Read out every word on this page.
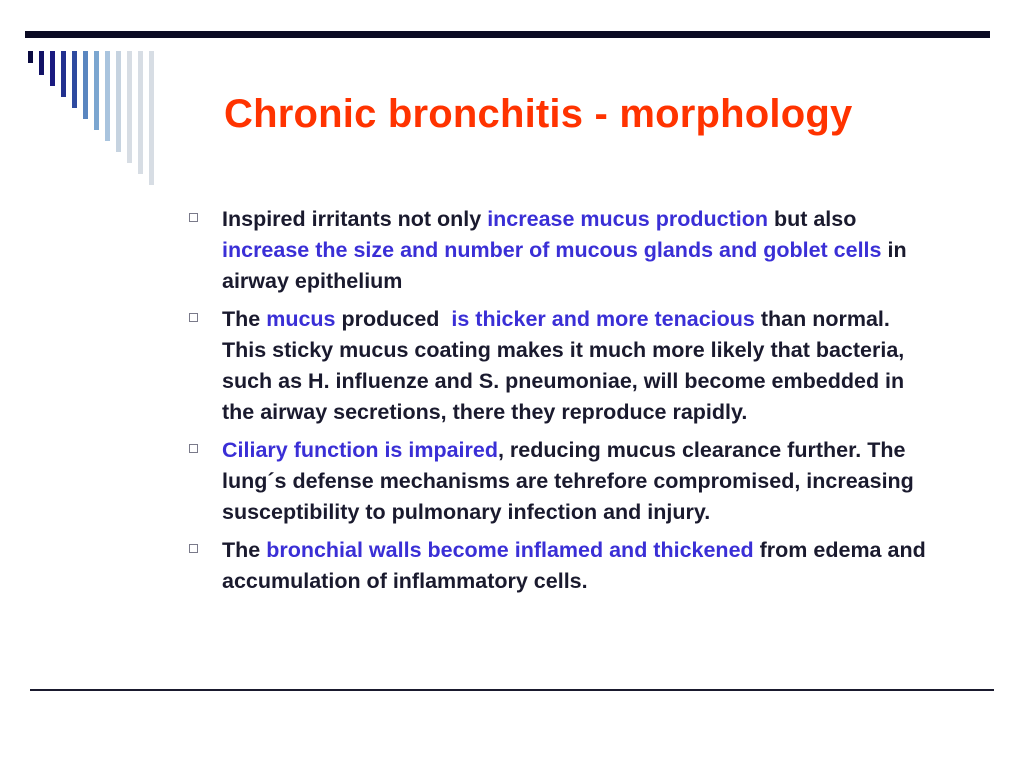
Chronic bronchitis - morphology
Inspired irritants not only increase mucus production but also increase the size and number of mucous glands and goblet cells in airway epithelium
The mucus produced  is thicker and more tenacious than normal. This sticky mucus coating makes it much more likely that bacteria, such as H. influenze and S. pneumoniae, will become embedded in the airway secretions, there they reproduce rapidly.
Ciliary function is impaired, reducing mucus clearance further. The lung´s defense mechanisms are tehrefore compromised, increasing susceptibility to pulmonary infection and injury.
The bronchial walls become inflamed and thickened from edema and accumulation of inflammatory cells.
